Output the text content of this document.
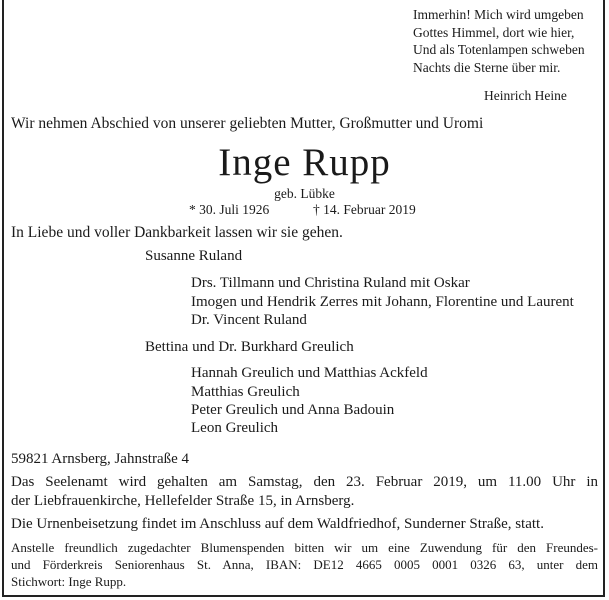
Immerhin! Mich wird umgeben
Gottes Himmel, dort wie hier,
Und als Totenlampen schweben
Nachts die Sterne über mir.
Heinrich Heine
Wir nehmen Abschied von unserer geliebten Mutter, Großmutter und Uromi
Inge Rupp
geb. Lübke
* 30. Juli 1926	† 14. Februar 2019
In Liebe und voller Dankbarkeit lassen wir sie gehen.
Susanne Ruland
Drs. Tillmann und Christina Ruland mit Oskar
Imogen und Hendrik Zerres mit Johann, Florentine und Laurent
Dr. Vincent Ruland
Bettina und Dr. Burkhard Greulich
Hannah Greulich und Matthias Ackfeld
Matthias Greulich
Peter Greulich und Anna Badouin
Leon Greulich
59821 Arnsberg, Jahnstraße 4
Das Seelenamt wird gehalten am Samstag, den 23. Februar 2019, um 11.00 Uhr in
der Liebfrauenkirche, Hellefelder Straße 15, in Arnsberg.
Die Urnenbeisetzung findet im Anschluss auf dem Waldfriedhof, Sunderner Straße, statt.
Anstelle freundlich zugedachter Blumenspenden bitten wir um eine Zuwendung für den Freundes-
und Förderkreis Seniorenhaus St. Anna, IBAN: DE12 4665 0005 0001 0326 63, unter dem
Stichwort: Inge Rupp.
